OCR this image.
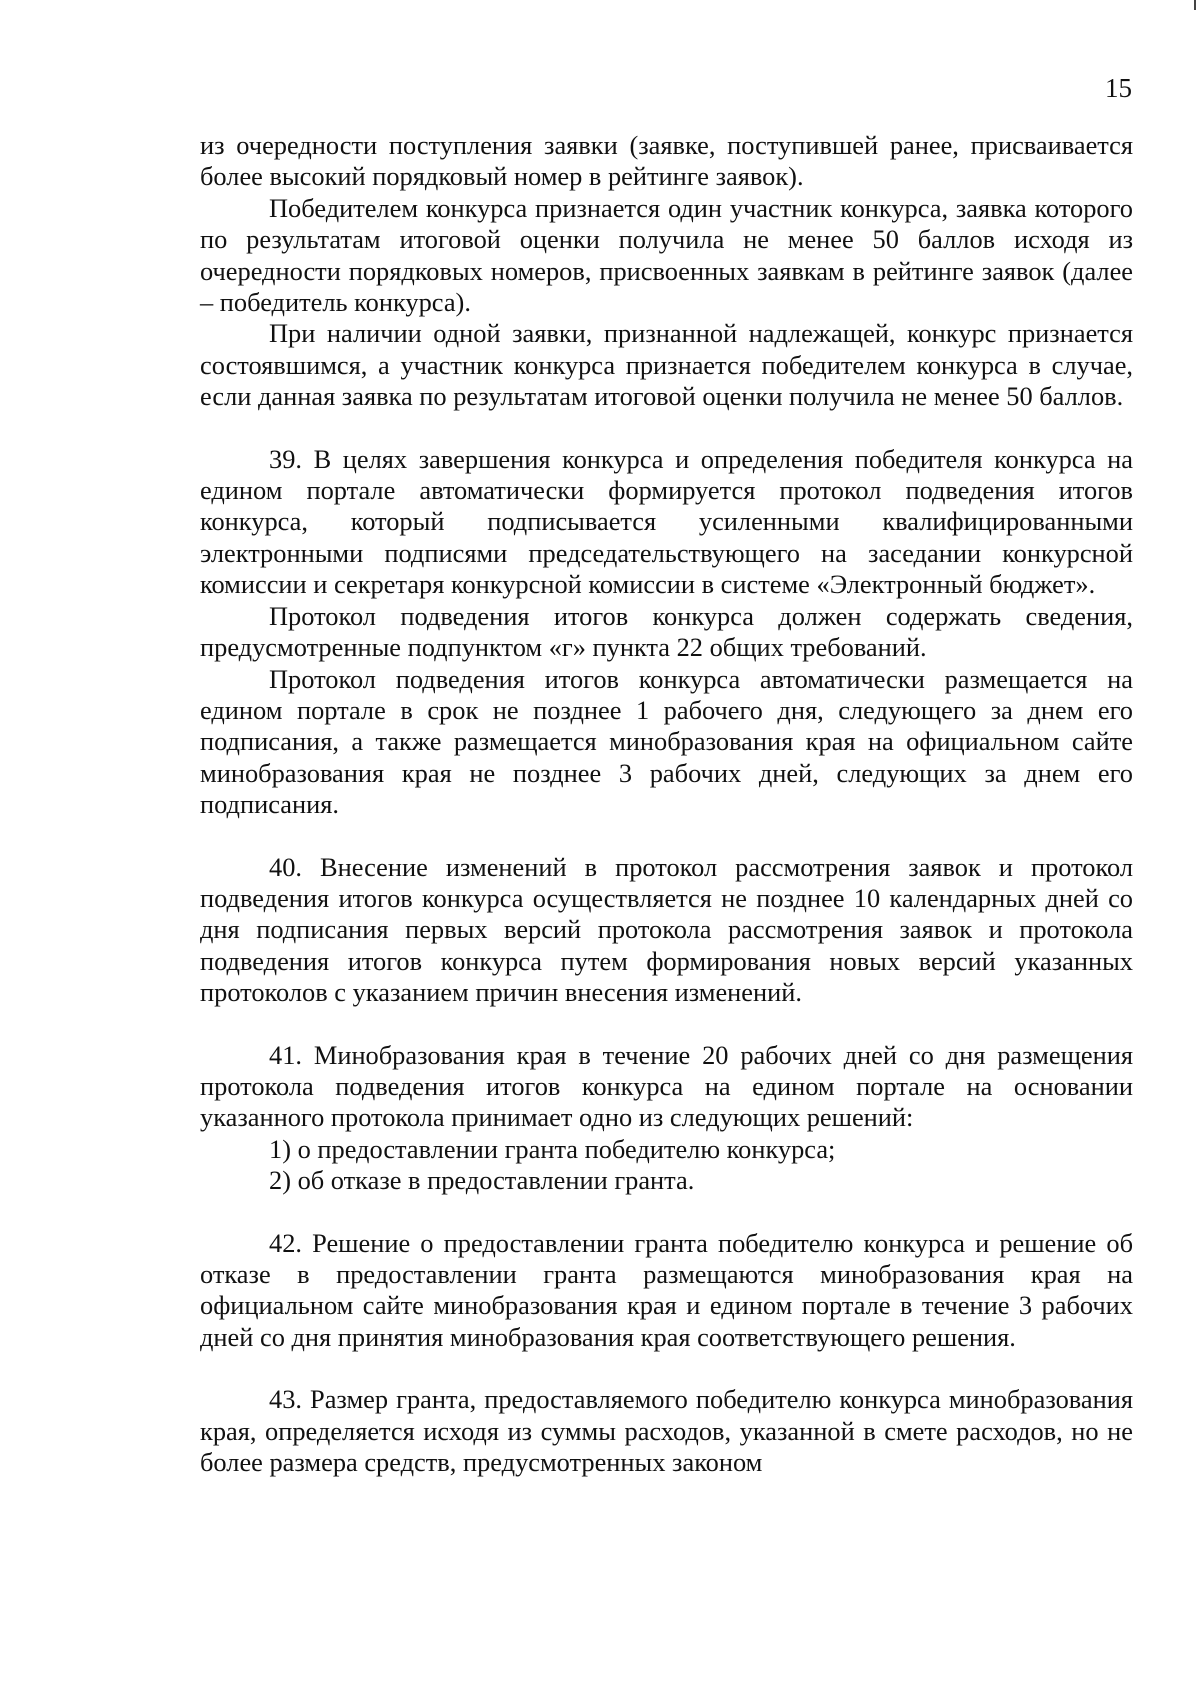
15

из очередности поступления заявки (заявке, поступившей ранее, присваивается более высокий порядковый номер в рейтинге заявок).

Победителем конкурса признается один участник конкурса, заявка которого по результатам итоговой оценки получила не менее 50 баллов исходя из очередности порядковых номеров, присвоенных заявкам в рейтинге заявок (далее – победитель конкурса).

При наличии одной заявки, признанной надлежащей, конкурс признается состоявшимся, а участник конкурса признается победителем конкурса в случае, если данная заявка по результатам итоговой оценки получила не менее 50 баллов.

39. В целях завершения конкурса и определения победителя конкурса на едином портале автоматически формируется протокол подведения итогов конкурса, который подписывается усиленными квалифицированными электронными подписями председательствующего на заседании конкурсной комиссии и секретаря конкурсной комиссии в системе «Электронный бюджет».

Протокол подведения итогов конкурса должен содержать сведения, предусмотренные подпунктом «г» пункта 22 общих требований.

Протокол подведения итогов конкурса автоматически размещается на едином портале в срок не позднее 1 рабочего дня, следующего за днем его подписания, а также размещается минобразования края на официальном сайте минобразования края не позднее 3 рабочих дней, следующих за днем его подписания.

40. Внесение изменений в протокол рассмотрения заявок и протокол подведения итогов конкурса осуществляется не позднее 10 календарных дней со дня подписания первых версий протокола рассмотрения заявок и протокола подведения итогов конкурса путем формирования новых версий указанных протоколов с указанием причин внесения изменений.

41. Минобразования края в течение 20 рабочих дней со дня размещения протокола подведения итогов конкурса на едином портале на основании указанного протокола принимает одно из следующих решений:

1) о предоставлении гранта победителю конкурса;

2) об отказе в предоставлении гранта.

42. Решение о предоставлении гранта победителю конкурса и решение об отказе в предоставлении гранта размещаются минобразования края на официальном сайте минобразования края и едином портале в течение 3 рабочих дней со дня принятия минобразования края соответствующего решения.

43. Размер гранта, предоставляемого победителю конкурса минобразования края, определяется исходя из суммы расходов, указанной в смете расходов, но не более размера средств, предусмотренных законом
